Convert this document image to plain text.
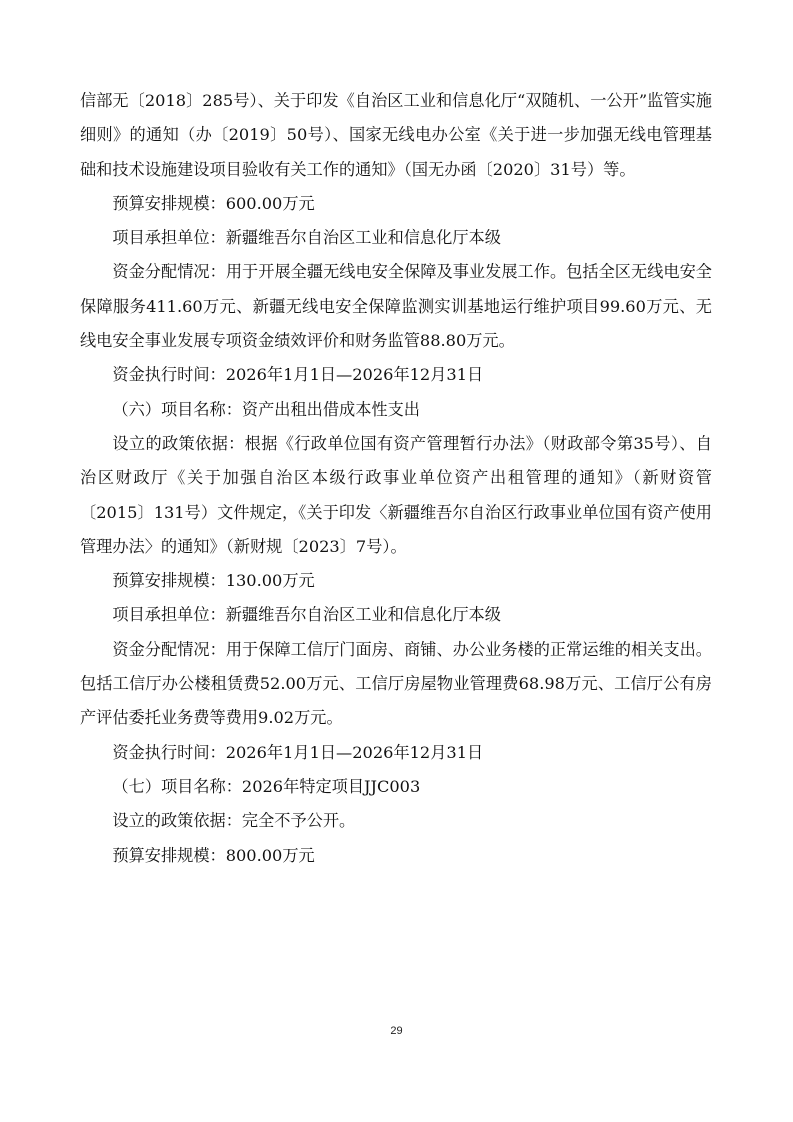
信部无〔2018〕285号）、关于印发《自治区工业和信息化厅“双随机、一公开”监管实施细则》的通知（办〔2019〕50号）、国家无线电办公室《关于进一步加强无线电管理基础和技术设施建设项目验收有关工作的通知》（国无办函〔2020〕31号）等。

预算安排规模：600.00万元

项目承担单位：新疆维吾尔自治区工业和信息化厅本级

资金分配情况：用于开展全疆无线电安全保障及事业发展工作。包括全区无线电安全保障服务411.60万元、新疆无线电安全保障监测实训基地运行维护项目99.60万元、无线电安全事业发展专项资金绩效评价和财务监管88.80万元。

资金执行时间：2026年1月1日—2026年12月31日

（六）项目名称：资产出租出借成本性支出

设立的政策依据：根据《行政单位国有资产管理暂行办法》（财政部令第35号）、自治区财政厅《关于加强自治区本级行政事业单位资产出租管理的通知》（新财资管〔2015〕131号）文件规定，《关于印发〈新疆维吾尔自治区行政事业单位国有资产使用管理办法〉的通知》（新财规〔2023〕7号）。

预算安排规模：130.00万元

项目承担单位：新疆维吾尔自治区工业和信息化厅本级

资金分配情况：用于保障工信厅门面房、商铺、办公业务楼的正常运维的相关支出。包括工信厅办公楼租赁费52.00万元、工信厅房屋物业管理费68.98万元、工信厅公有房产评估委托业务费等费用9.02万元。

资金执行时间：2026年1月1日—2026年12月31日

（七）项目名称：2026年特定项目JJC003

设立的政策依据：完全不予公开。

预算安排规模：800.00万元

29
